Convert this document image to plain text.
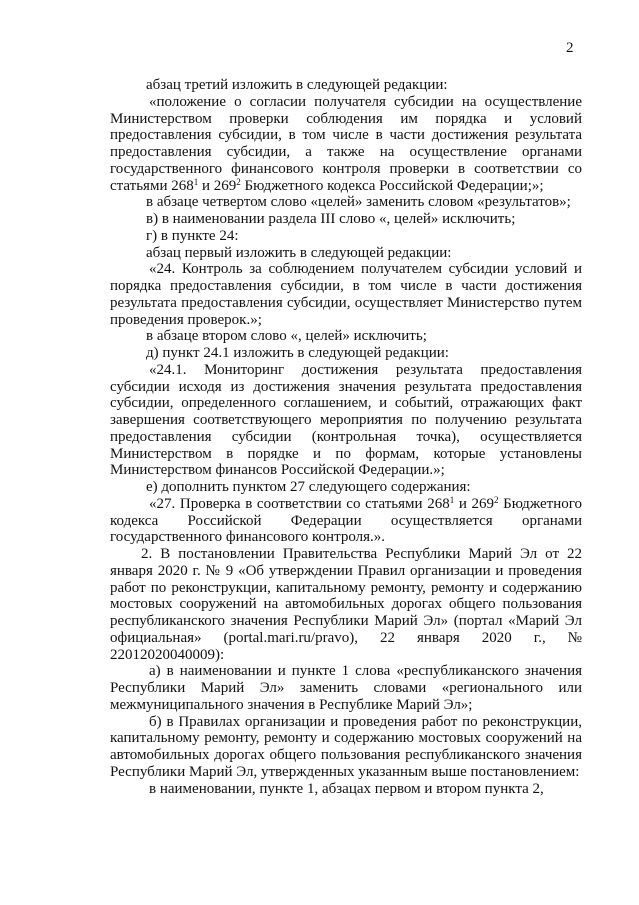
2

абзац третий изложить в следующей редакции:

«положение о согласии получателя субсидии на осуществление Министерством проверки соблюдения им порядка и условий предоставления субсидии, в том числе в части достижения результата предоставления субсидии, а также на осуществление органами государственного финансового контроля проверки в соответствии со статьями $268^1$ и $269^2$ Бюджетного кодекса Российской Федерации;»;

в абзаце четвертом слово «целей» заменить словом «результатов»;

в) в наименовании раздела III слово «, целей» исключить;

г) в пункте 24:

абзац первый изложить в следующей редакции:

«24. Контроль за соблюдением получателем субсидии условий и порядка предоставления субсидии, в том числе в части достижения результата предоставления субсидии, осуществляет Министерство путем проведения проверок.»;

в абзаце втором слово «, целей» исключить;

д) пункт 24.1 изложить в следующей редакции:

«24.1. Мониторинг достижения результата предоставления субсидии исходя из достижения значения результата предоставления субсидии, определенного соглашением, и событий, отражающих факт завершения соответствующего мероприятия по получению результата предоставления субсидии (контрольная точка), осуществляется Министерством в порядке и по формам, которые установлены Министерством финансов Российской Федерации.»;

е) дополнить пунктом 27 следующего содержания:

«27. Проверка в соответствии со статьями $268^1$ и $269^2$ Бюджетного кодекса Российской Федерации осуществляется органами государственного финансового контроля.».

2. В постановлении Правительства Республики Марий Эл от 22 января 2020 г. № 9 «Об утверждении Правил организации и проведения работ по реконструкции, капитальному ремонту, ремонту и содержанию мостовых сооружений на автомобильных дорогах общего пользования республиканского значения Республики Марий Эл» (портал «Марий Эл официальная» (portal.mari.ru/pravo), 22 января 2020 г., № 22012020040009):

а) в наименовании и пункте 1 слова «республиканского значения Республики Марий Эл» заменить словами «регионального или межмуниципального значения в Республике Марий Эл»;

б) в Правилах организации и проведения работ по реконструкции, капитальному ремонту, ремонту и содержанию мостовых сооружений на автомобильных дорогах общего пользования республиканского значения Республики Марий Эл, утвержденных указанным выше постановлением:

в наименовании, пункте 1, абзацах первом и втором пункта 2,
